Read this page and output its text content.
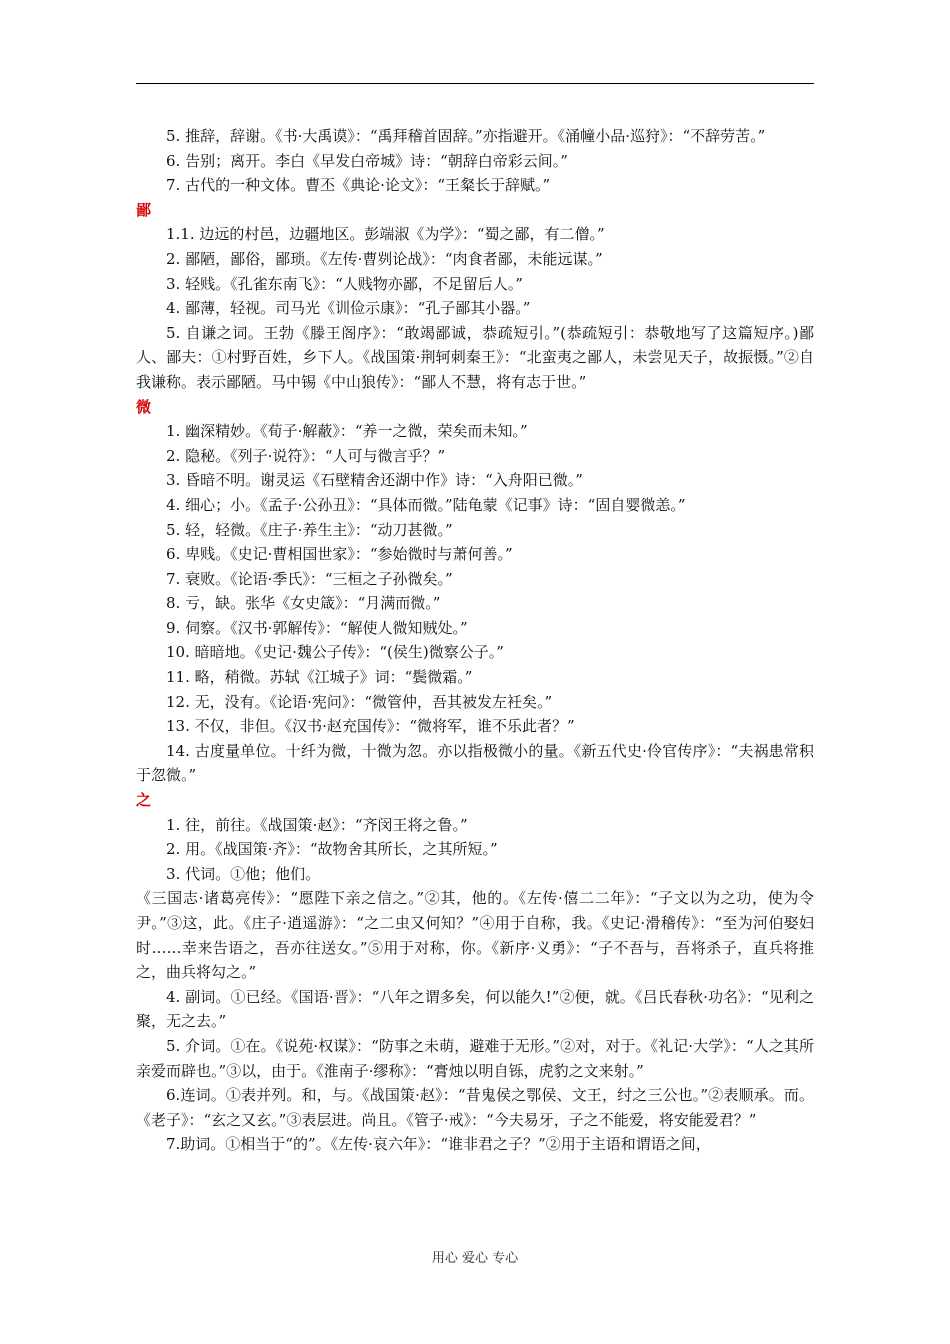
5. 推辞，辞谢。《书·大禹谟》：“禹拜稽首固辞。”亦指避开。《涌幢小品·巡狩》：“不辞劳苦。”

6. 告别；离开。李白《早发白帝城》诗：“朝辞白帝彩云间。”

7. 古代的一种文体。曹丕《典论·论文》：“王粲长于辞赋。”

鄙

1.1. 边远的村邑，边疆地区。彭端淑《为学》：“蜀之鄙，有二僧。”

2. 鄙陋，鄙俗，鄙琐。《左传·曹刿论战》：“肉食者鄙，未能远谋。”

3. 轻贱。《孔雀东南飞》：“人贱物亦鄙，不足留后人。”

4. 鄙薄，轻视。司马光《训俭示康》：“孔子鄙其小器。”

5. 自谦之词。王勃《滕王阁序》：“敢竭鄙诚，恭疏短引。”(恭疏短引：恭敬地写了这篇短序。)鄙人、鄙夫：①村野百姓，乡下人。《战国策·荆轲刺秦王》：“北蛮夷之鄙人，未尝见天子，故振慑。”②自我谦称。表示鄙陋。马中锡《中山狼传》：“鄙人不慧，将有志于世。”

微

1. 幽深精妙。《荀子·解蔽》：“养一之微，荣矣而未知。”

2. 隐秘。《列子·说符》：“人可与微言乎？”

3. 昏暗不明。谢灵运《石壁精舍还湖中作》诗：“入舟阳已微。”

4. 细心；小。《孟子·公孙丑》：“具体而微。”陆龟蒙《记事》诗：“固自婴微恙。”

5. 轻，轻微。《庄子·养生主》：“动刀甚微。”

6. 卑贱。《史记·曹相国世家》：“参始微时与萧何善。”

7. 衰败。《论语·季氏》：“三桓之子孙微矣。”

8. 亏，缺。张华《女史箴》：“月满而微。”

9. 伺察。《汉书·郭解传》：“解使人微知贼处。”

10. 暗暗地。《史记·魏公子传》：“(侯生)微察公子。”

11. 略，稍微。苏轼《江城子》词：“鬓微霜。”

12. 无，没有。《论语·宪问》：“微管仲，吾其被发左衽矣。”

13. 不仅，非但。《汉书·赵充国传》：“微将军，谁不乐此者？”

14. 古度量单位。十纤为微，十微为忽。亦以指极微小的量。《新五代史·伶官传序》：“夫祸患常积于忽微。”

之

1. 往，前往。《战国策·赵》：“齐闵王将之鲁。”

2. 用。《战国策·齐》：“故物舍其所长，之其所短。”

3. 代词。①他；他们。

《三国志·诸葛亮传》：“愿陛下亲之信之。”②其，他的。《左传·僖二二年》：“子文以为之功，使为令尹。”③这，此。《庄子·逍遥游》：“之二虫又何知？”④用于自称，我。《史记·滑稽传》：“至为河伯娶妇时……幸来告语之，吾亦往送女。”⑤用于对称，你。《新序·义勇》：“子不吾与，吾将杀子，直兵将推之，曲兵将勾之。”

4. 副词。①已经。《国语·晋》：“八年之谓多矣，何以能久!”②便，就。《吕氏春秋·功名》：“见利之聚，无之去。”

5. 介词。①在。《说苑·权谋》：“防事之未萌，避难于无形。”②对，对于。《礼记·大学》：“人之其所亲爱而辟也。”③以，由于。《淮南子·缪称》：“膏烛以明自铄，虎豹之文来射。”

6.连词。①表并列。和，与。《战国策·赵》：“昔鬼侯之鄂侯、文王，纣之三公也。”②表顺承。而。《老子》：“玄之又玄。”③表层进。尚且。《管子·戒》：“今夫易牙，子之不能爱，将安能爱君？”

7.助词。①相当于“的”。《左传·哀六年》：“谁非君之子？”②用于主语和谓语之间，

用心 爱心 专心
